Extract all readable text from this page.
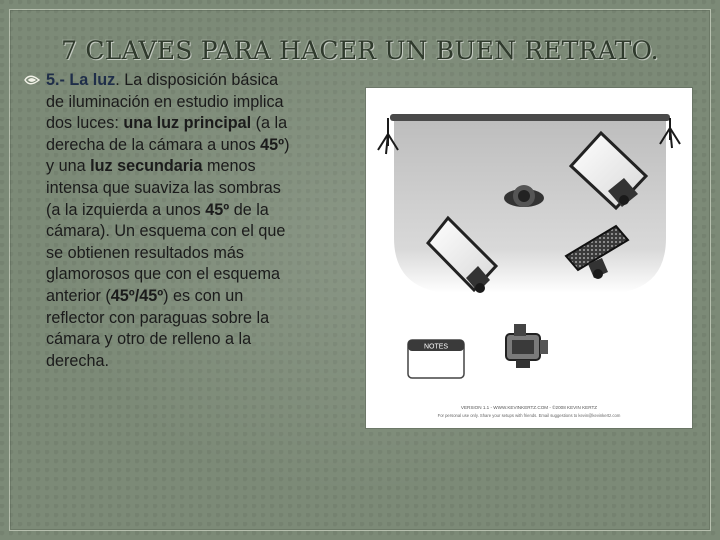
7 CLAVES PARA HACER UN BUEN RETRATO.
5.- La luz. La disposición básica de iluminación en estudio implica dos luces: una luz principal (a la derecha de la cámara a unos 45º) y una luz secundaria menos intensa que suaviza las sombras (a la izquierda a unos 45º de la cámara). Un esquema con el que se obtienen resultados más glamorosos que con el esquema anterior (45º/45º) es con un reflector con paraguas sobre la cámara y otro de relleno a la derecha.
NOTES
VERSION 1.1 - WWW.KEVINKERTZ.COM - ©2008 KEVIN KERTZ
For personal use only. Share your setups with friends. Email suggestions to kevin@kevinkertz.com
